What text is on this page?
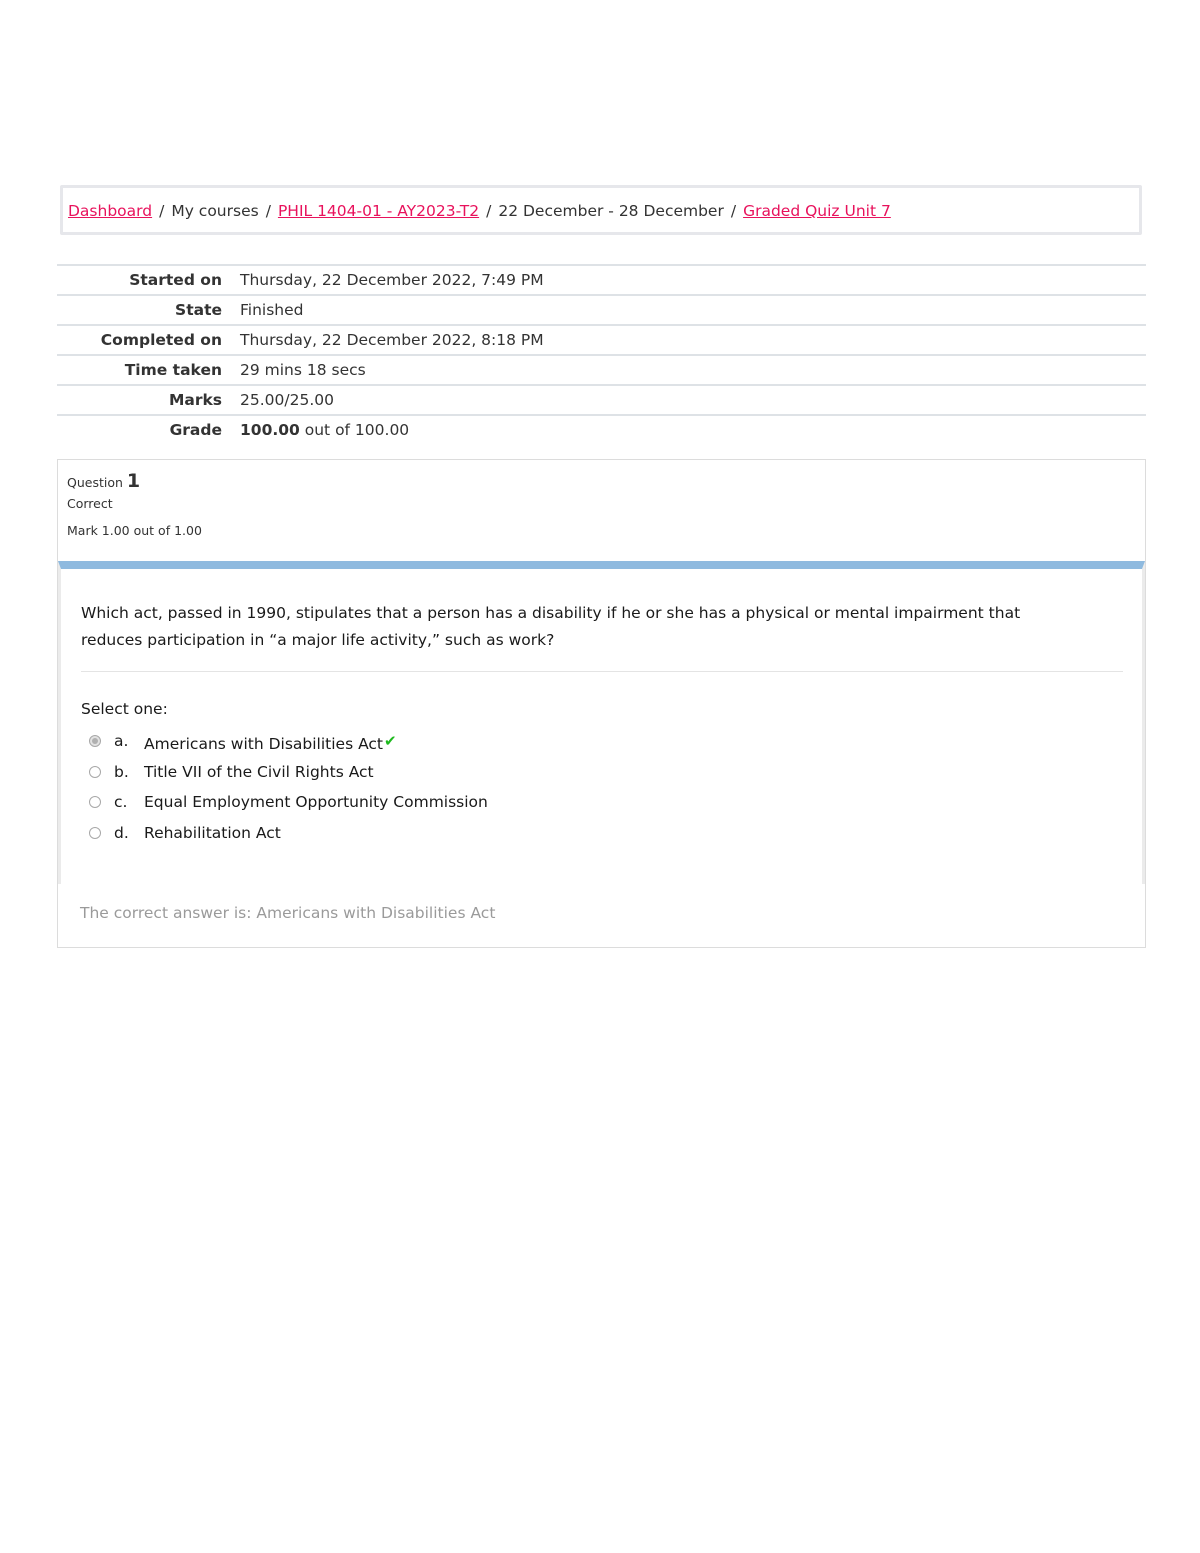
Dashboard / My courses / PHIL 1404-01 - AY2023-T2 / 22 December - 28 December / Graded Quiz Unit 7
Started on Thursday, 22 December 2022, 7:49 PM
State Finished
Completed on Thursday, 22 December 2022, 8:18 PM
Time taken 29 mins 18 secs
Marks 25.00/25.00
Grade 100.00 out of 100.00
Question 1
Correct
Mark 1.00 out of 1.00
Which act, passed in 1990, stipulates that a person has a disability if he or she has a physical or mental impairment that reduces participation in “a major life activity,” such as work?
Select one:
a. Americans with Disabilities Act✔
b. Title VII of the Civil Rights Act
c. Equal Employment Opportunity Commission
d. Rehabilitation Act
The correct answer is: Americans with Disabilities Act
